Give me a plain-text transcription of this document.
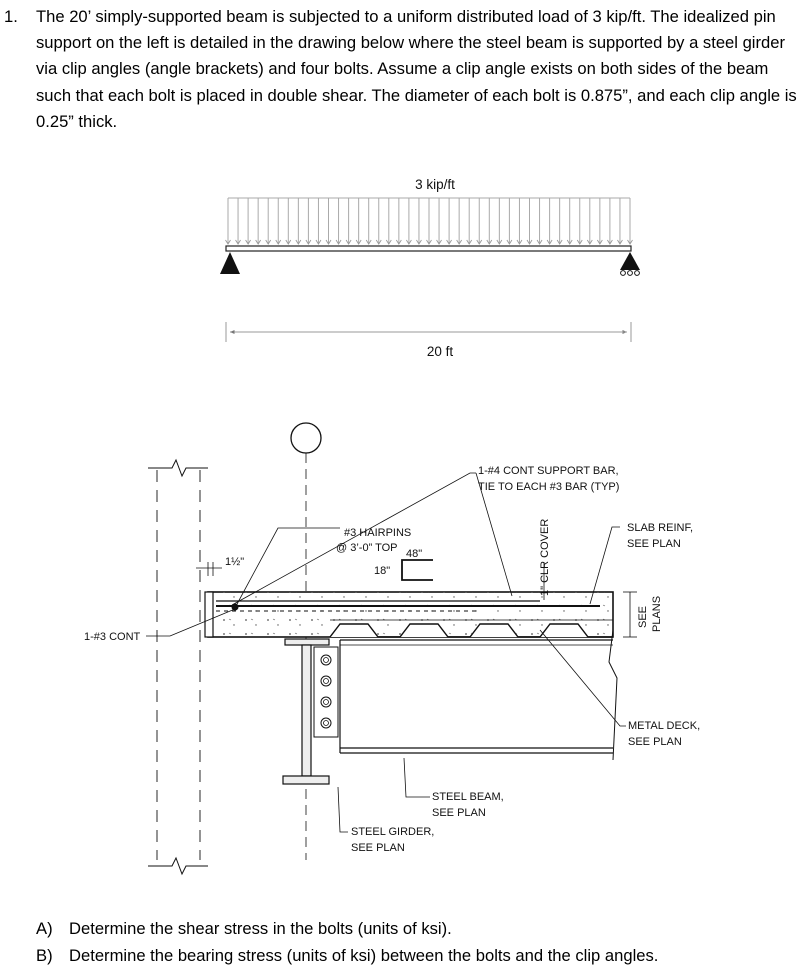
1. The 20’ simply-supported beam is subjected to a uniform distributed load of 3 kip/ft. The idealized pin support on the left is detailed in the drawing below where the steel beam is supported by a steel girder via clip angles (angle brackets) and four bolts. Assume a clip angle exists on both sides of the beam such that each bolt is placed in double shear. The diameter of each bolt is 0.875”, and each clip angle is 0.25” thick.
3 kip/ft
20 ft
1-#4 CONT SUPPORT BAR,
TIE TO EACH #3 BAR (TYP)
#3 HAIRPINS
@ 3’-0” TOP 48"
18"
1½"	1" CLR COVER	SLAB REINF,
SEE PLAN
SEE PLANS
1-#3 CONT
METAL DECK,
SEE PLAN
STEEL BEAM,
SEE PLAN
STEEL GIRDER,
SEE PLAN
A) Determine the shear stress in the bolts (units of ksi).
B) Determine the bearing stress (units of ksi) between the bolts and the clip angles.
